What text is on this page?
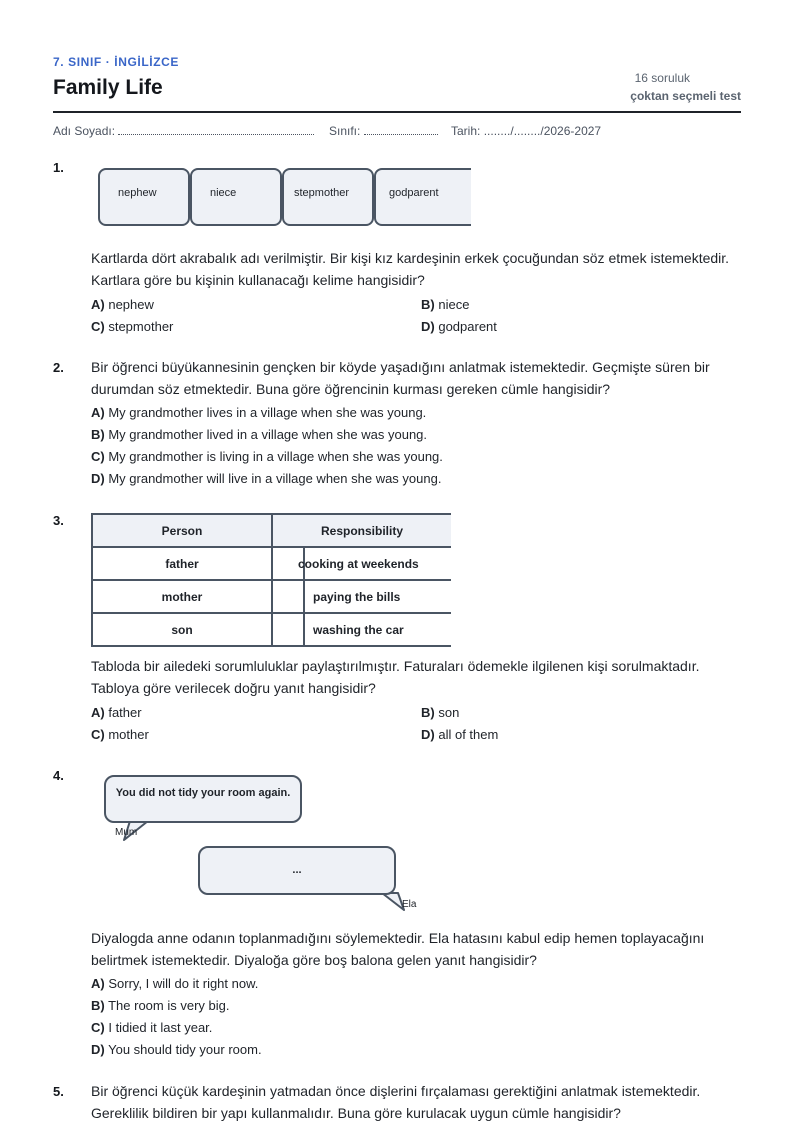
7. SINIF · İNGİLİZCE
Family Life	16 soruluk
çoktan seçmeli test
Adı Soyadı:	Sınıfı:	Tarih: ......../......../2026-2027
1.
nephew	niece	stepmother	godparent
Kartlarda dört akrabalık adı verilmiştir. Bir kişi kız kardeşinin erkek çocuğundan söz etmek istemektedir. Kartlara göre bu kişinin kullanacağı kelime hangisidir?
A) nephew	B) niece
C) stepmother	D) godparent
2. Bir öğrenci büyükannesinin gençken bir köyde yaşadığını anlatmak istemektedir. Geçmişte süren bir durumdan söz etmektedir. Buna göre öğrencinin kurması gereken cümle hangisidir?
A) My grandmother lives in a village when she was young.
B) My grandmother lived in a village when she was young.
C) My grandmother is living in a village when she was young.
D) My grandmother will live in a village when she was young.
3.
Person	Responsibility	
father		cooking at weekends
mother		paying the bills
son		washing the car
Tabloda bir ailedeki sorumluluklar paylaştırılmıştır. Faturaları ödemekle ilgilenen kişi sorulmaktadır. Tabloya göre verilecek doğru yanıt hangisidir?
A) father	B) son
C) mother	D) all of them
4.
You did not tidy your room again.
Mum
...
Ela
Diyalogda anne odanın toplanmadığını söylemektedir. Ela hatasını kabul edip hemen toplayacağını belirtmek istemektedir. Diyaloğa göre boş balona gelen yanıt hangisidir?
A) Sorry, I will do it right now.
B) The room is very big.
C) I tidied it last year.
D) You should tidy your room.
5. Bir öğrenci küçük kardeşinin yatmadan önce dişlerini fırçalaması gerektiğini anlatmak istemektedir. Gereklilik bildiren bir yapı kullanmalıdır. Buna göre kurulacak uygun cümle hangisidir?
